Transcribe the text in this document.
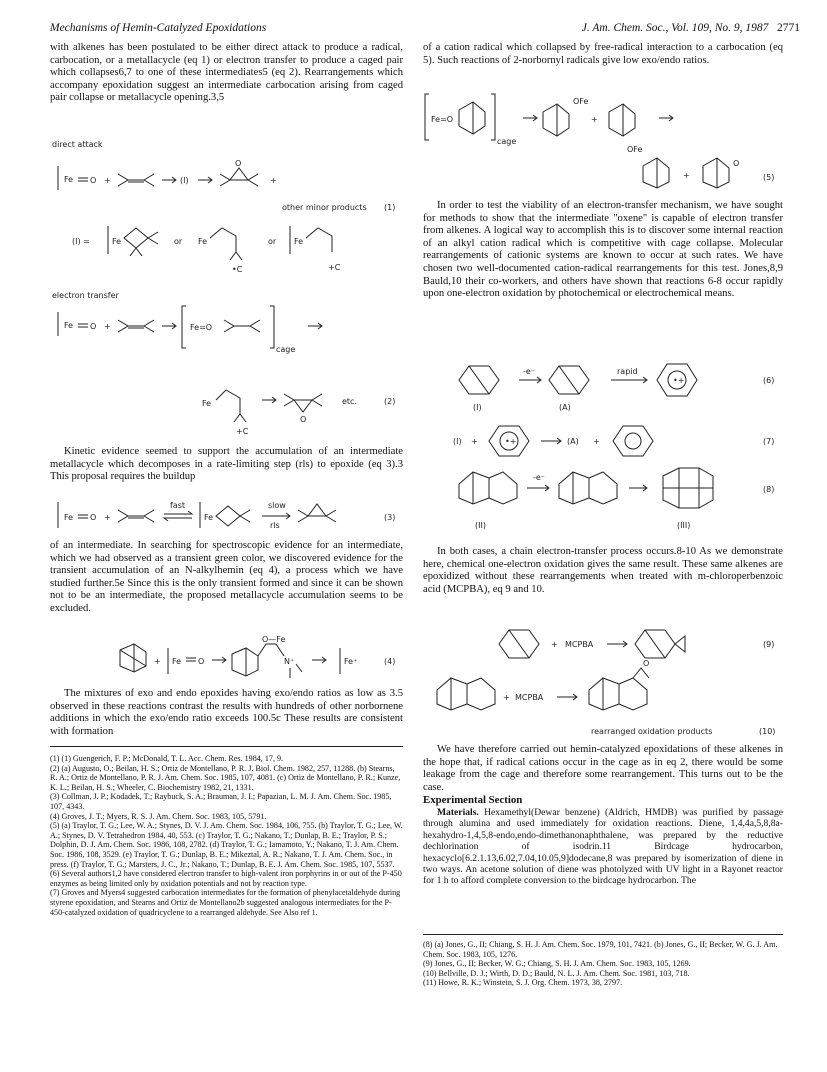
Mechanisms of Hemin-Catalyzed Epoxidations	J. Am. Chem. Soc., Vol. 109, No. 9, 1987 2771

with alkenes has been postulated to be either direct attack to produce a radical, carbocation, or a metallacycle (eq 1) or electron transfer to produce a caged pair which collapses6,7 to one of these intermediates5 (eq 2). Rearrangements which accompany epoxidation suggest an intermediate carbocation arising from caged pair collapse or metallacycle opening.3,5

direct attack
Fe O +	(I)
O
+
other minor products (1)
(I) =	Fe	or Fe
•C
or Fe
+C
electron transfer
Fe O +	Fe=O
cage
Fe
+C
O
etc.	(2)

Kinetic evidence seemed to support the accumulation of an intermediate metallacycle which decomposes in a rate-limiting step (rls) to epoxide (eq 3).3 This proposal requires the buildup

Fe O +
fast
Fe
slow
rls
(3)

of an intermediate. In searching for spectroscopic evidence for an intermediate, which we had observed as a transient green color, we discovered evidence for the transient accumulation of an N-alkylhemin (eq 4), a process which we have studied further.5e Since this is the only transient formed and since it can be shown not to be an intermediate, the proposed metallacycle accumulation seems to be excluded.

+ Fe O
O—Fe
N⁺	Fe⁺	(4)

The mixtures of exo and endo epoxides having exo/endo ratios as low as 3.5 observed in these reactions contrast the results with hundreds of other norbornene additions in which the exo/endo ratio exceeds 100.5c These results are consistent with formation

(1) (1) Guengerich, F. P.; McDonald, T. L. Acc. Chem. Res. 1984, 17, 9.

(2) (a) Augusto, O.; Beilan, H. S.; Ortiz de Montellano, P. R. J. Biol. Chem. 1982, 257, 11288. (b) Stearns, R. A.; Ortiz de Montellano, P. R. J. Am. Chem. Soc. 1985, 107, 4081. (c) Ortiz de Montellano, P. R.; Kunze, K. L.; Beilan, H. S.; Wheeler, C. Biochemistry 1982, 21, 1331.

(3) Collman, J. P.; Kodadek, T.; Raybuck, S. A.; Brauman, J. I.; Papazian, L. M. J. Am. Chem. Soc. 1985, 107, 4343.

(4) Groves, J. T.; Myers, R. S. J. Am. Chem. Soc. 1983, 105, 5791.

(5) (a) Traylor, T. G.; Lee, W. A.; Stynes, D. V. J. Am. Chem. Soc. 1984, 106, 755. (b) Traylor, T. G.; Lee, W. A.; Stynes, D. V. Tetrahedron 1984, 40, 553. (c) Traylor, T. G.; Nakano, T.; Dunlap, B. E.; Traylor, P. S.; Dolphin, D. J. Am. Chem. Soc. 1986, 108, 2782. (d) Traylor, T. G.; Iamamoto, Y.; Nakano, T. J. Am. Chem. Soc. 1986, 108, 3529. (e) Traylor, T. G.; Dunlap, B. E.; Mikeztal, A. R.; Nakano, T. J. Am. Chem. Soc., in press. (f) Traylor, T. G.; Marsters, J. C., Jr.; Nakano, T.; Dunlap, B. E. J. Am. Chem. Soc. 1985, 107, 5537.

(6) Several authors1,2 have considered electron transfer to high-valent iron porphyrins in or out of the P-450 enzymes as being limited only by oxidation potentials and not by reaction type.

(7) Groves and Myers4 suggested carbocation intermediates for the formation of phenylacetaldehyde during styrene epoxidation, and Stearns and Ortiz de Montellano2b suggested analogous intermediates for the P-450-catalyzed oxidation of quadricyclene to a rearranged aldehyde. See Also ref 1.

of a cation radical which collapsed by free-radical interaction to a carbocation (eq 5). Such reactions of 2-norbornyl radicals give low exo/endo ratios.

Fe=O
cage
OFe
+
OFe
+
O
(5)

In order to test the viability of an electron-transfer mechanism, we have sought for methods to show that the intermediate "oxene" is capable of electron transfer from alkenes. A logical way to accomplish this is to discover some internal reaction of an alkyl cation radical which is competitive with cage collapse. Molecular rearrangements of cationic systems are known to occur at such rates. We have chosen two well-documented cation-radical rearrangements for this test. Jones,8,9 Bauld,10 their co-workers, and others have shown that reactions 6-8 occur rapidly upon one-electron oxidation by photochemical or electrochemical means.

(I)
-e⁻
(A)
rapid
•+	(6)
(I) +	•+	(A) +	(7)
(II)
-e⁻
(III)
(8)

In both cases, a chain electron-transfer process occurs.8-10 As we demonstrate here, chemical one-electron oxidation gives the same result. These same alkenes are epoxidized without these rearrangements when treated with m-chloroperbenzoic acid (MCPBA), eq 9 and 10.

+ MCPBA	(9)
+ MCPBA
O
rearranged oxidation products	(10)

We have therefore carried out hemin-catalyzed epoxidations of these alkenes in the hope that, if radical cations occur in the cage as in eq 2, there would be some leakage from the cage and therefore some rearrangement. This turns out to be the case.

Experimental Section

Materials. Hexamethyl(Dewar benzene) (Aldrich, HMDB) was purified by passage through alumina and used immediately for oxidation reactions. Diene, 1,4,4a,5,8,8a-hexahydro-1,4,5,8-endo,endo-dimethanonaphthalene, was prepared by the reductive dechlorination of isodrin.11 Birdcage hydrocarbon, hexacyclo[6.2.1.13,6.02,7.04,10.05,9]dodecane,8 was prepared by isomerization of diene in two ways. An acetone solution of diene was photolyzed with UV light in a Rayonet reactor for 1 h to afford complete conversion to the birdcage hydrocarbon. The

(8) (a) Jones, G., II; Chiang, S. H. J. Am. Chem. Soc. 1979, 101, 7421. (b) Jones, G., II; Becker, W. G. J. Am. Chem. Soc. 1983, 105, 1276.

(9) Jones, G., II; Becker, W. G.; Chiang, S. H. J. Am. Chem. Soc. 1983, 105, 1269.

(10) Bellville, D. J.; Wirth, D. D.; Bauld, N. L. J. Am. Chem. Soc. 1981, 103, 718.

(11) Howe, R. K.; Winstein, S. J. Org. Chem. 1973, 38, 2797.
